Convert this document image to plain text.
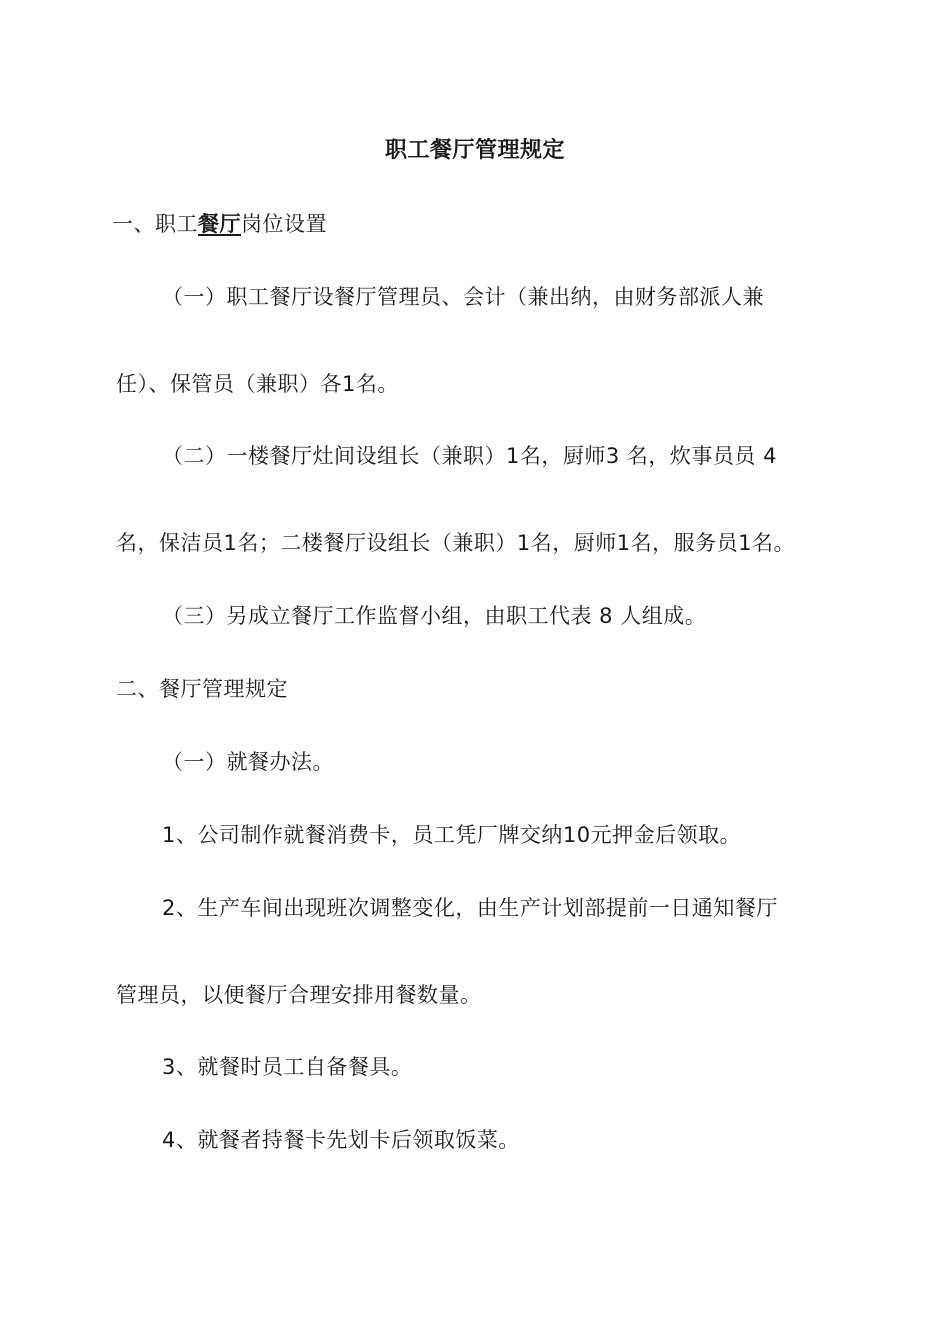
职工餐厅管理规定
一、职工餐厅岗位设置
（一）职工餐厅设餐厅管理员、会计（兼出纳，由财务部派人兼
任）、保管员（兼职）各1名。
（二）一楼餐厅灶间设组长（兼职）1名，厨师3 名，炊事员员 4
名，保洁员1名；二楼餐厅设组长（兼职）1名，厨师1名，服务员1名。
（三）另成立餐厅工作监督小组，由职工代表 8 人组成。
二、餐厅管理规定
（一）就餐办法。
1、公司制作就餐消费卡，员工凭厂牌交纳10元押金后领取。
2、生产车间出现班次调整变化，由生产计划部提前一日通知餐厅
管理员，以便餐厅合理安排用餐数量。
3、就餐时员工自备餐具。
4、就餐者持餐卡先划卡后领取饭菜。
